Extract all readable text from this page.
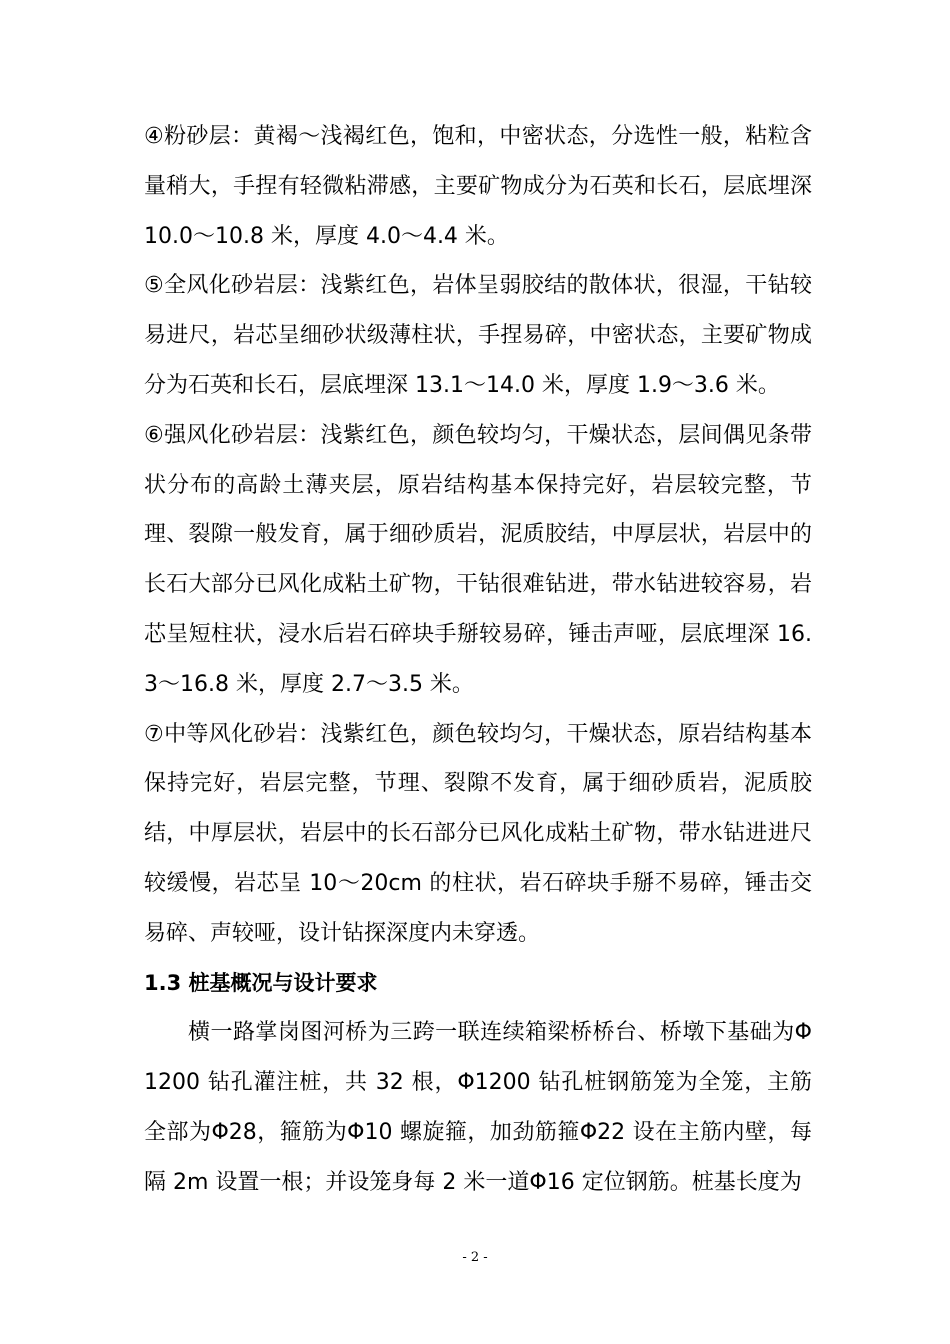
④粉砂层：黄褐～浅褐红色，饱和，中密状态，分选性一般，粘粒含量稍大，手捏有轻微粘滞感，主要矿物成分为石英和长石，层底埋深10.0～10.8 米，厚度 4.0～4.4 米。

⑤全风化砂岩层：浅紫红色，岩体呈弱胶结的散体状，很湿，干钻较易进尺，岩芯呈细砂状级薄柱状，手捏易碎，中密状态，主要矿物成分为石英和长石，层底埋深 13.1～14.0 米，厚度 1.9～3.6 米。

⑥强风化砂岩层：浅紫红色，颜色较均匀，干燥状态，层间偶见条带状分布的高龄土薄夹层，原岩结构基本保持完好，岩层较完整，节理、裂隙一般发育，属于细砂质岩，泥质胶结，中厚层状，岩层中的长石大部分已风化成粘土矿物，干钻很难钻进，带水钻进较容易，岩芯呈短柱状，浸水后岩石碎块手掰较易碎，锤击声哑，层底埋深 16.3～16.8 米，厚度 2.7～3.5 米。

⑦中等风化砂岩：浅紫红色，颜色较均匀，干燥状态，原岩结构基本保持完好，岩层完整，节理、裂隙不发育，属于细砂质岩，泥质胶结，中厚层状，岩层中的长石部分已风化成粘土矿物，带水钻进进尺较缓慢，岩芯呈 10～20cm 的柱状，岩石碎块手掰不易碎，锤击交易碎、声较哑，设计钻探深度内未穿透。

1.3 桩基概况与设计要求

横一路掌岗图河桥为三跨一联连续箱梁桥桥台、桥墩下基础为Φ1200 钻孔灌注桩，共 32 根，Φ1200 钻孔桩钢筋笼为全笼，主筋全部为Φ28，箍筋为Φ10 螺旋箍，加劲筋箍Φ22 设在主筋内壁，每隔 2m 设置一根；并设笼身每 2 米一道Φ16 定位钢筋。桩基长度为

- 2 -
